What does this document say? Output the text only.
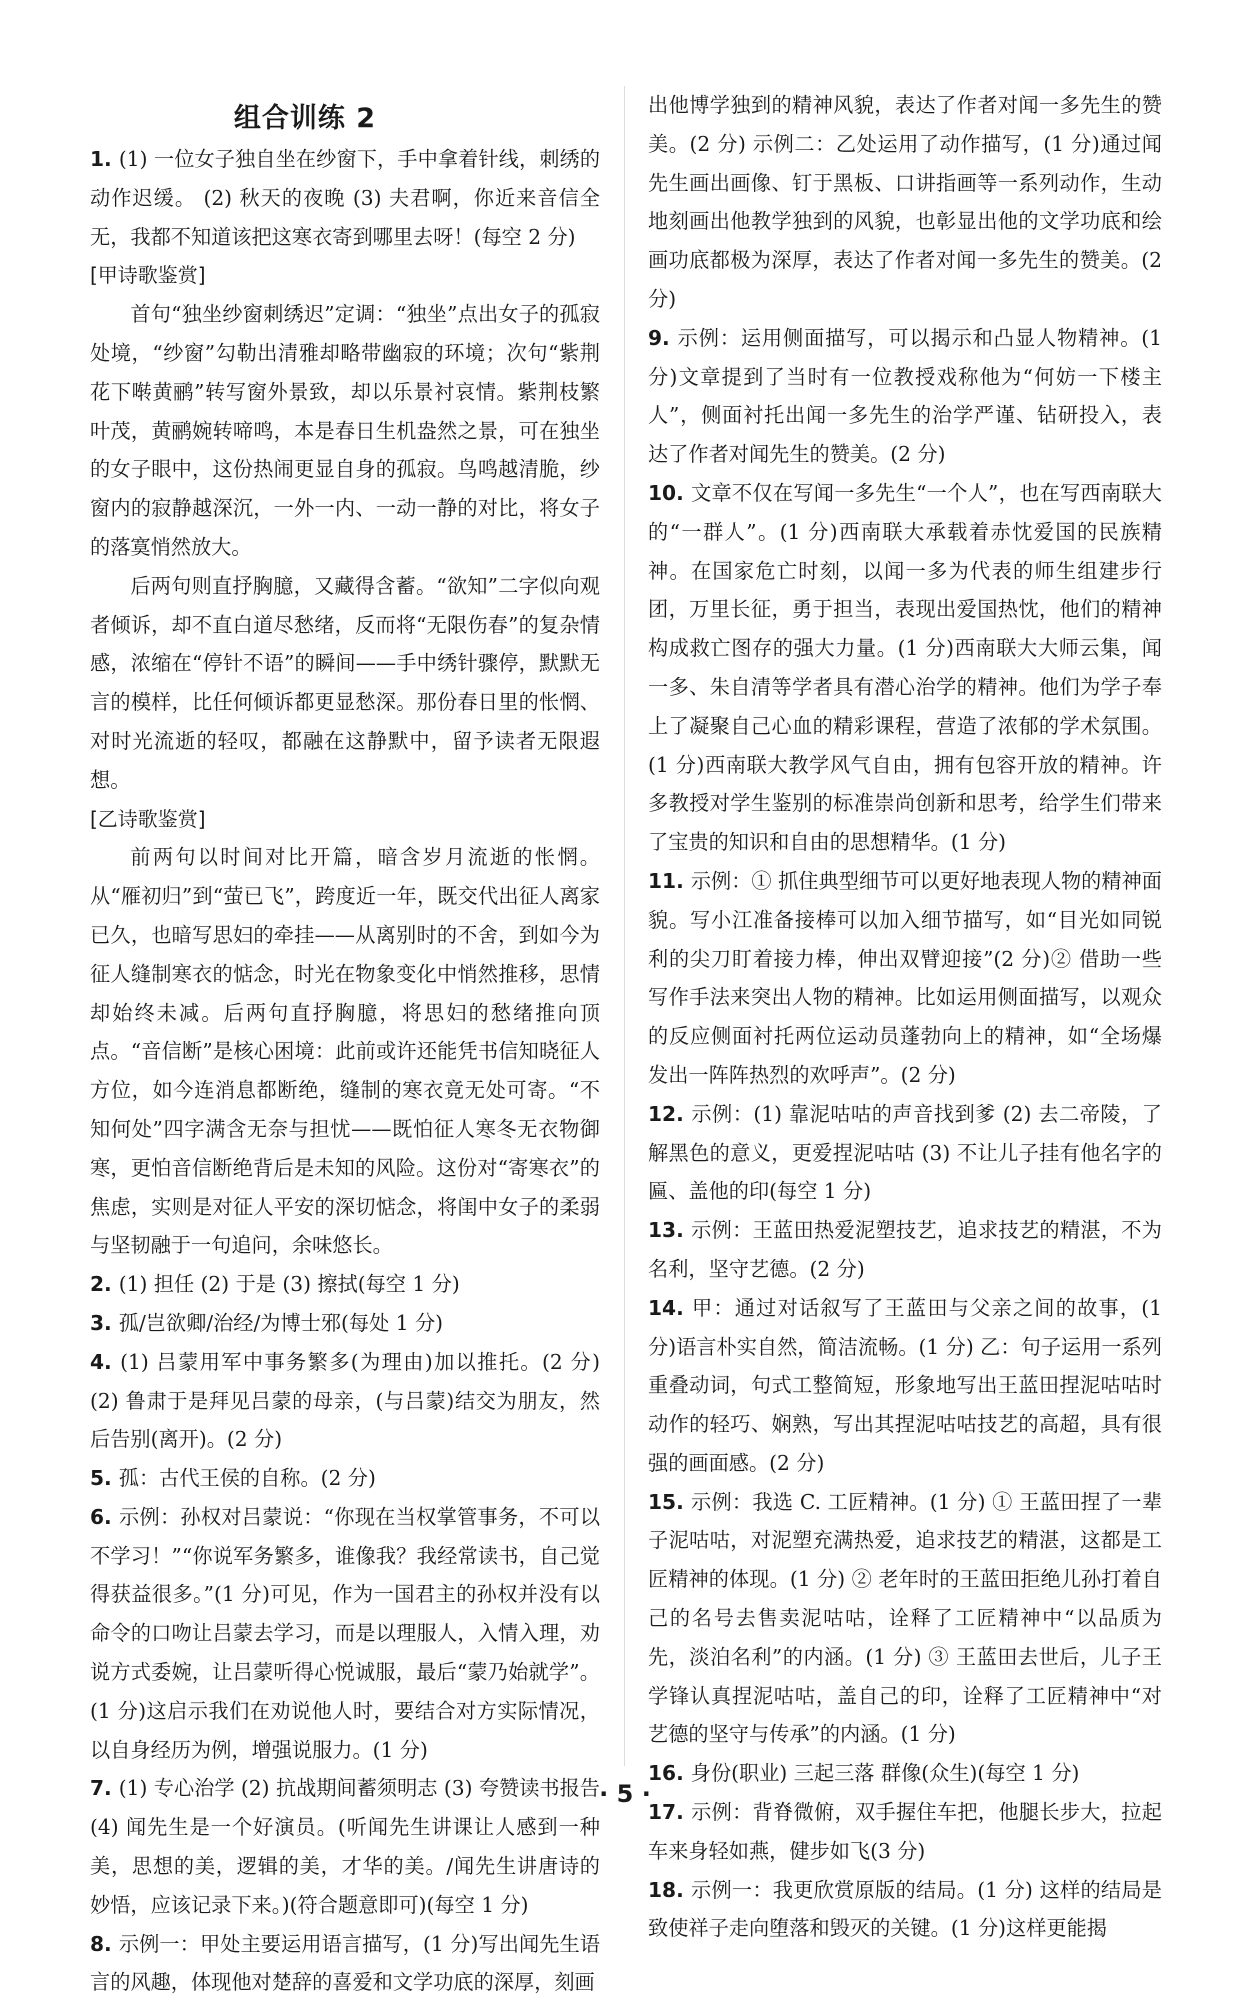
组合训练 2

1. (1) 一位女子独自坐在纱窗下，手中拿着针线，刺绣的动作迟缓。 (2) 秋天的夜晚 (3) 夫君啊，你近来音信全无，我都不知道该把这寒衣寄到哪里去呀！(每空 2 分)

[甲诗歌鉴赏]

首句“独坐纱窗刺绣迟”定调：“独坐”点出女子的孤寂处境，“纱窗”勾勒出清雅却略带幽寂的环境；次句“紫荆花下啭黄鹂”转写窗外景致，却以乐景衬哀情。紫荆枝繁叶茂，黄鹂婉转啼鸣，本是春日生机盎然之景，可在独坐的女子眼中，这份热闹更显自身的孤寂。鸟鸣越清脆，纱窗内的寂静越深沉，一外一内、一动一静的对比，将女子的落寞悄然放大。

后两句则直抒胸臆，又藏得含蓄。“欲知”二字似向观者倾诉，却不直白道尽愁绪，反而将“无限伤春”的复杂情感，浓缩在“停针不语”的瞬间——手中绣针骤停，默默无言的模样，比任何倾诉都更显愁深。那份春日里的怅惘、对时光流逝的轻叹，都融在这静默中，留予读者无限遐想。

[乙诗歌鉴赏]

前两句以时间对比开篇，暗含岁月流逝的怅惘。从“雁初归”到“萤已飞”，跨度近一年，既交代出征人离家已久，也暗写思妇的牵挂——从离别时的不舍，到如今为征人缝制寒衣的惦念，时光在物象变化中悄然推移，思情却始终未减。后两句直抒胸臆，将思妇的愁绪推向顶点。“音信断”是核心困境：此前或许还能凭书信知晓征人方位，如今连消息都断绝，缝制的寒衣竟无处可寄。“不知何处”四字满含无奈与担忧——既怕征人寒冬无衣物御寒，更怕音信断绝背后是未知的风险。这份对“寄寒衣”的焦虑，实则是对征人平安的深切惦念，将闺中女子的柔弱与坚韧融于一句追问，余味悠长。

2. (1) 担任 (2) 于是 (3) 擦拭(每空 1 分)

3. 孤/岂欲卿/治经/为博士邪(每处 1 分)

4. (1) 吕蒙用军中事务繁多(为理由)加以推托。(2 分) (2) 鲁肃于是拜见吕蒙的母亲，(与吕蒙)结交为朋友，然后告别(离开)。(2 分)

5. 孤：古代王侯的自称。(2 分)

6. 示例：孙权对吕蒙说：“你现在当权掌管事务，不可以不学习！”“你说军务繁多，谁像我？我经常读书，自己觉得获益很多。”(1 分)可见，作为一国君主的孙权并没有以命令的口吻让吕蒙去学习，而是以理服人，入情入理，劝说方式委婉，让吕蒙听得心悦诚服，最后“蒙乃始就学”。(1 分)这启示我们在劝说他人时，要结合对方实际情况，以自身经历为例，增强说服力。(1 分)

7. (1) 专心治学 (2) 抗战期间蓄须明志 (3) 夸赞读书报告 (4) 闻先生是一个好演员。(听闻先生讲课让人感到一种美，思想的美，逻辑的美，才华的美。/闻先生讲唐诗的妙悟，应该记录下来。)(符合题意即可)(每空 1 分)

8. 示例一：甲处主要运用语言描写，(1 分)写出闻先生语言的风趣，体现他对楚辞的喜爱和文学功底的深厚，刻画

出他博学独到的精神风貌，表达了作者对闻一多先生的赞美。(2 分) 示例二：乙处运用了动作描写，(1 分)通过闻先生画出画像、钉于黑板、口讲指画等一系列动作，生动地刻画出他教学独到的风貌，也彰显出他的文学功底和绘画功底都极为深厚，表达了作者对闻一多先生的赞美。(2 分)

9. 示例：运用侧面描写，可以揭示和凸显人物精神。(1 分)文章提到了当时有一位教授戏称他为“何妨一下楼主人”，侧面衬托出闻一多先生的治学严谨、钻研投入，表达了作者对闻先生的赞美。(2 分)

10. 文章不仅在写闻一多先生“一个人”，也在写西南联大的“一群人”。(1 分)西南联大承载着赤忱爱国的民族精神。在国家危亡时刻，以闻一多为代表的师生组建步行团，万里长征，勇于担当，表现出爱国热忱，他们的精神构成救亡图存的强大力量。(1 分)西南联大大师云集，闻一多、朱自清等学者具有潜心治学的精神。他们为学子奉上了凝聚自己心血的精彩课程，营造了浓郁的学术氛围。(1 分)西南联大教学风气自由，拥有包容开放的精神。许多教授对学生鉴别的标准崇尚创新和思考，给学生们带来了宝贵的知识和自由的思想精华。(1 分)

11. 示例：① 抓住典型细节可以更好地表现人物的精神面貌。写小江准备接棒可以加入细节描写，如“目光如同锐利的尖刀盯着接力棒，伸出双臂迎接”(2 分)② 借助一些写作手法来突出人物的精神。比如运用侧面描写，以观众的反应侧面衬托两位运动员蓬勃向上的精神，如“全场爆发出一阵阵热烈的欢呼声”。(2 分)

12. 示例：(1) 靠泥咕咕的声音找到爹 (2) 去二帝陵，了解黑色的意义，更爱捏泥咕咕 (3) 不让儿子挂有他名字的匾、盖他的印(每空 1 分)

13. 示例：王蓝田热爱泥塑技艺，追求技艺的精湛，不为名利，坚守艺德。(2 分)

14. 甲：通过对话叙写了王蓝田与父亲之间的故事，(1 分)语言朴实自然，简洁流畅。(1 分) 乙：句子运用一系列重叠动词，句式工整简短，形象地写出王蓝田捏泥咕咕时动作的轻巧、娴熟，写出其捏泥咕咕技艺的高超，具有很强的画面感。(2 分)

15. 示例：我选 C. 工匠精神。(1 分) ① 王蓝田捏了一辈子泥咕咕，对泥塑充满热爱，追求技艺的精湛，这都是工匠精神的体现。(1 分) ② 老年时的王蓝田拒绝儿孙打着自己的名号去售卖泥咕咕，诠释了工匠精神中“以品质为先，淡泊名利”的内涵。(1 分) ③ 王蓝田去世后，儿子王学锋认真捏泥咕咕，盖自己的印，诠释了工匠精神中“对艺德的坚守与传承”的内涵。(1 分)

16. 身份(职业) 三起三落 群像(众生)(每空 1 分)

17. 示例：背脊微俯，双手握住车把，他腿长步大，拉起车来身轻如燕，健步如飞(3 分)

18. 示例一：我更欣赏原版的结局。(1 分) 这样的结局是致使祥子走向堕落和毁灭的关键。(1 分)这样更能揭

· 5 ·
